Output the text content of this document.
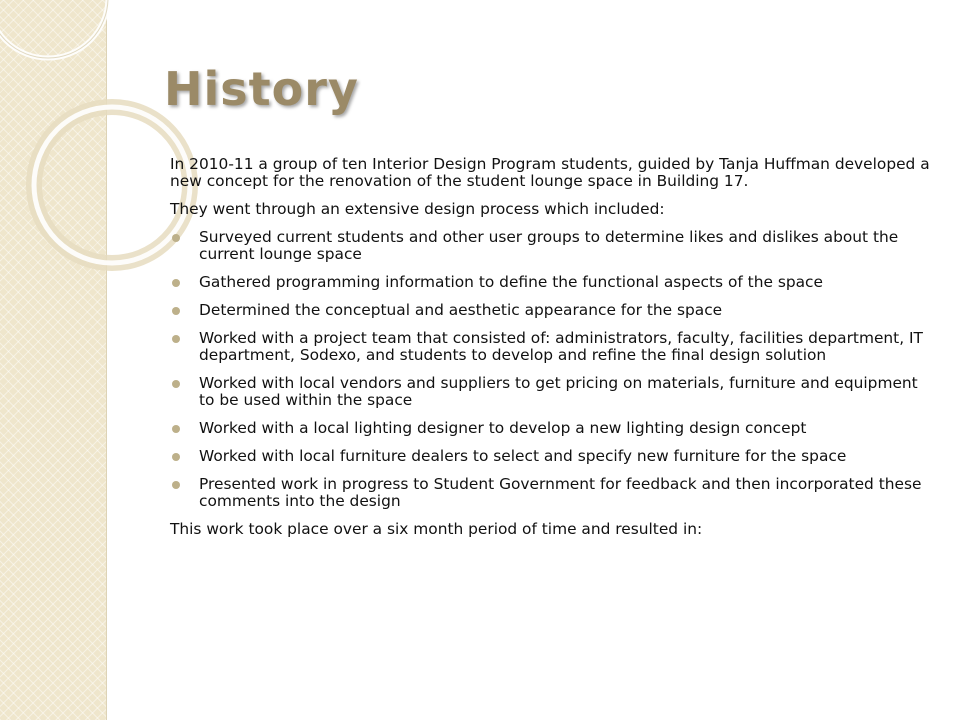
History

In 2010-11 a group of ten Interior Design Program students, guided by Tanja Huffman developed a new concept for the renovation of the student lounge space in Building 17.

They went through an extensive design process which included:

Surveyed current students and other user groups to determine likes and dislikes about the current lounge space
Gathered programming information to define the functional aspects of the space
Determined the conceptual and aesthetic appearance for the space
Worked with a project team that consisted of: administrators, faculty, facilities department, IT department, Sodexo, and students to develop and refine the final design solution
Worked with local vendors and suppliers to get pricing on materials, furniture and equipment to be used within the space
Worked with a local lighting designer to develop a new lighting design concept
Worked with local furniture dealers to select and specify new furniture for the space
Presented work in progress to Student Government for feedback and then incorporated these comments into the design

This work took place over a six month period of time and resulted in:
